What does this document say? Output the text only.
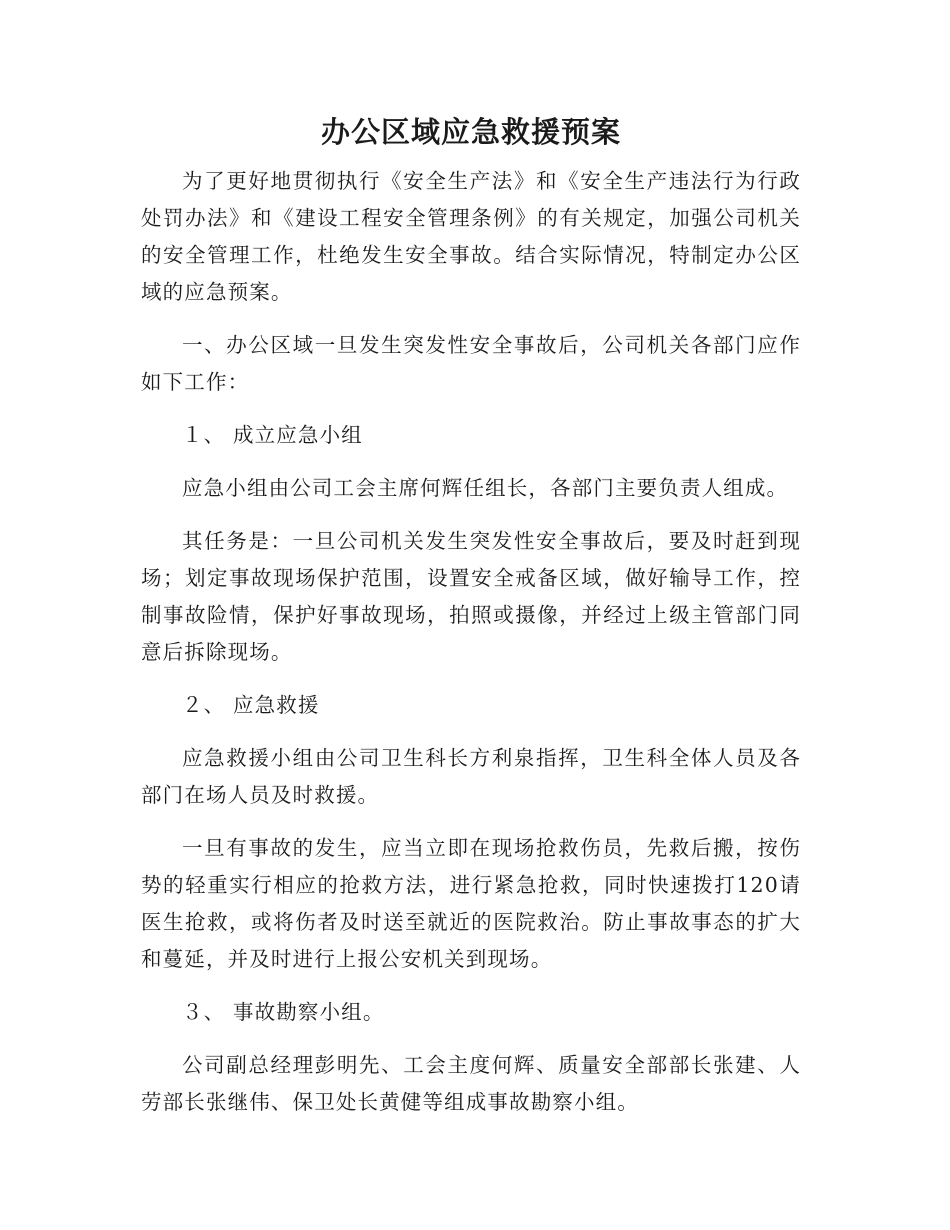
办公区域应急救援预案

为了更好地贯彻执行《安全生产法》和《安全生产违法行为行政处罚办法》和《建设工程安全管理条例》的有关规定，加强公司机关的安全管理工作，杜绝发生安全事故。结合实际情况，特制定办公区域的应急预案。

一、办公区域一旦发生突发性安全事故后，公司机关各部门应作如下工作：

１、 成立应急小组

应急小组由公司工会主席何辉任组长，各部门主要负责人组成。

其任务是：一旦公司机关发生突发性安全事故后，要及时赶到现场；划定事故现场保护范围，设置安全戒备区域，做好输导工作，控制事故险情，保护好事故现场，拍照或摄像，并经过上级主管部门同意后拆除现场。

２、 应急救援

应急救援小组由公司卫生科长方利泉指挥，卫生科全体人员及各部门在场人员及时救援。

一旦有事故的发生，应当立即在现场抢救伤员，先救后搬，按伤势的轻重实行相应的抢救方法，进行紧急抢救，同时快速拨打120请医生抢救，或将伤者及时送至就近的医院救治。防止事故事态的扩大和蔓延，并及时进行上报公安机关到现场。

３、 事故勘察小组。

公司副总经理彭明先、工会主度何辉、质量安全部部长张建、人劳部长张继伟、保卫处长黄健等组成事故勘察小组。
